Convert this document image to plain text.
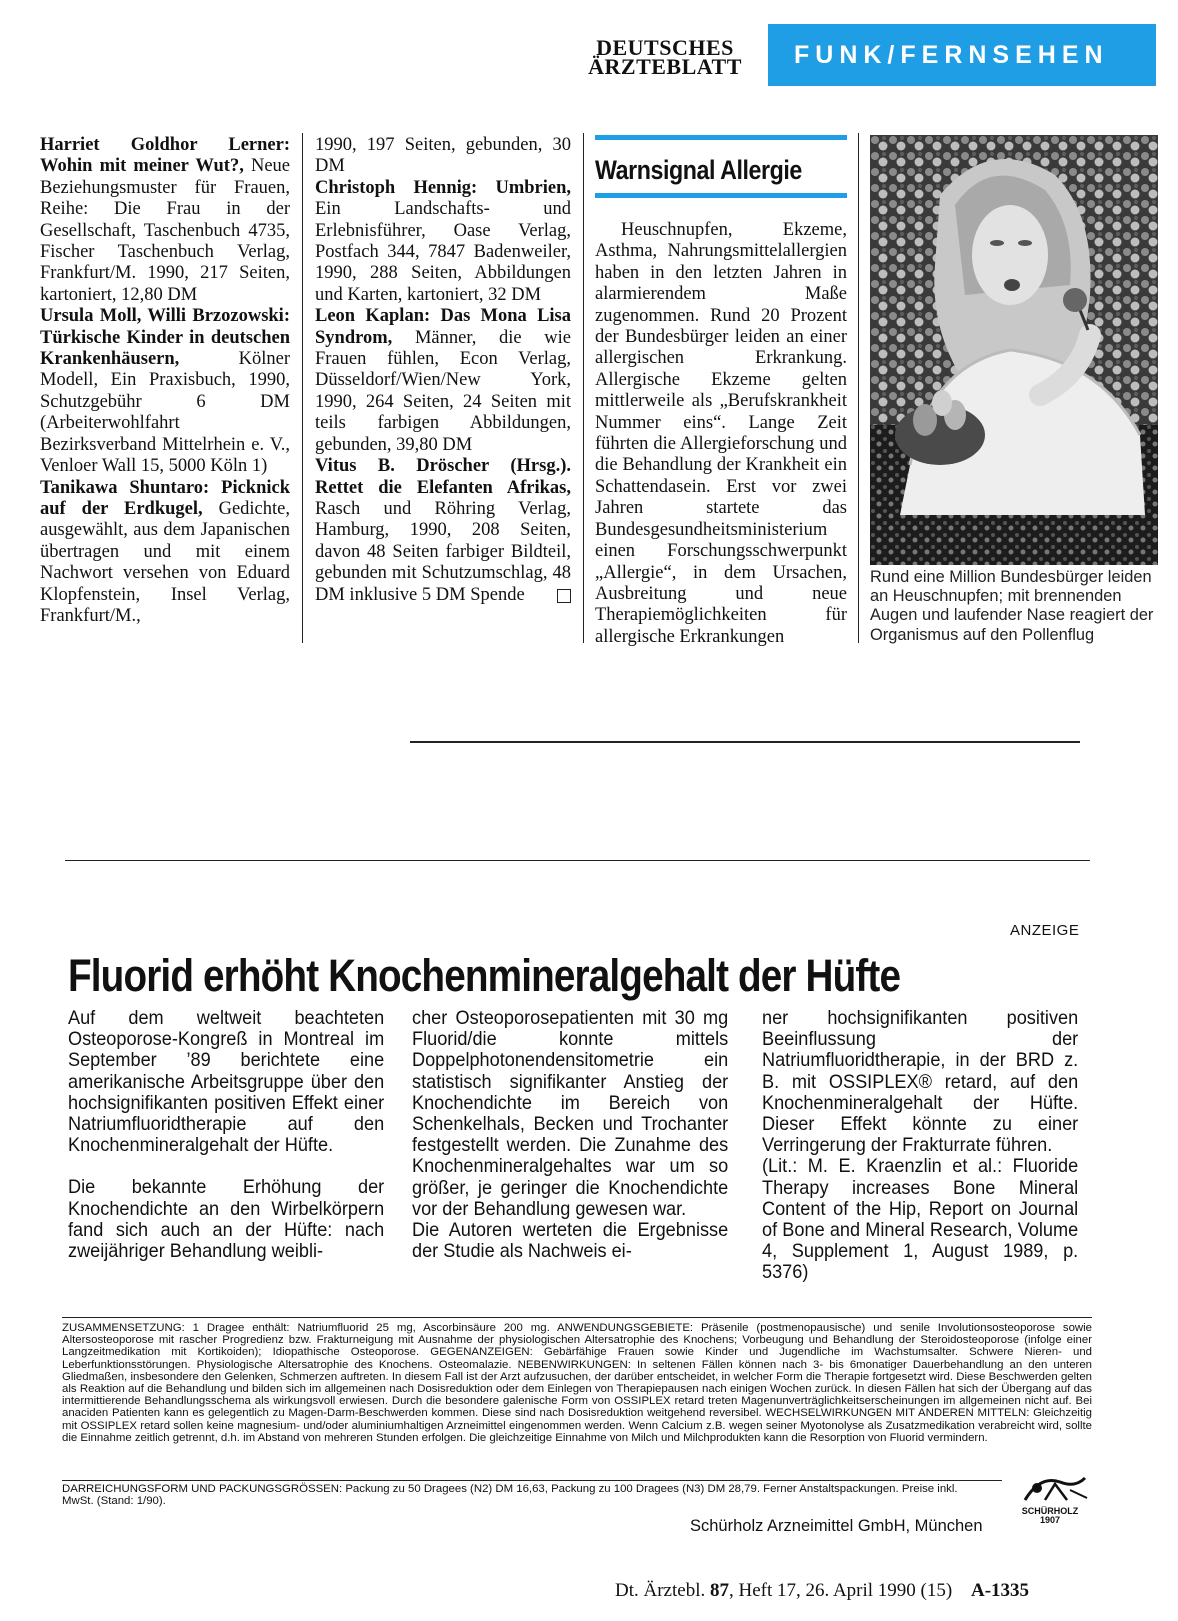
DEUTSCHES
ÄRZTEBLATT	FUNK/FERNSEHEN

Harriet Goldhor Lerner: Wohin mit meiner Wut?, Neue Beziehungsmuster für Frauen, Reihe: Die Frau in der Gesellschaft, Taschenbuch 4735, Fischer Taschenbuch Verlag, Frankfurt/M. 1990, 217 Seiten, kartoniert, 12,80 DM

Ursula Moll, Willi Brzozowski: Türkische Kinder in deutschen Krankenhäusern, Kölner Modell, Ein Praxisbuch, 1990, Schutzgebühr 6 DM (Arbeiterwohlfahrt Bezirksverband Mittelrhein e. V., Venloer Wall 15, 5000 Köln 1)

Tanikawa Shuntaro: Picknick auf der Erdkugel, Gedichte, ausgewählt, aus dem Japanischen übertragen und mit einem Nachwort versehen von Eduard Klopfenstein, Insel Verlag, Frankfurt/M.,

1990, 197 Seiten, gebunden, 30 DM

Christoph Hennig: Umbrien, Ein Landschafts- und Erlebnisführer, Oase Verlag, Postfach 344, 7847 Badenweiler, 1990, 288 Seiten, Abbildungen und Karten, kartoniert, 32 DM

Leon Kaplan: Das Mona Lisa Syndrom, Männer, die wie Frauen fühlen, Econ Verlag, Düsseldorf/Wien/New York, 1990, 264 Seiten, 24 Seiten mit teils farbigen Abbildungen, gebunden, 39,80 DM

Vitus B. Dröscher (Hrsg.). Rettet die Elefanten Afrikas, Rasch und Röhring Verlag, Hamburg, 1990, 208 Seiten, davon 48 Seiten farbiger Bildteil, gebunden mit Schutzumschlag, 48 DM inklusive 5 DM Spende

Warnsignal Allergie

Heuschnupfen, Ekzeme, Asthma, Nahrungsmittelallergien haben in den letzten Jahren in alarmierendem Maße zugenommen. Rund 20 Prozent der Bundesbürger leiden an einer allergischen Erkrankung. Allergische Ekzeme gelten mittlerweile als „Berufskrankheit Nummer eins“. Lange Zeit führten die Allergieforschung und die Behandlung der Krankheit ein Schattendasein. Erst vor zwei Jahren startete das Bundesgesundheitsministerium einen Forschungsschwerpunkt „Allergie“, in dem Ursachen, Ausbreitung und neue Therapiemöglichkeiten für allergische Erkrankungen

Rund eine Million Bundesbürger leiden an Heuschnupfen; mit brennenden Augen und laufender Nase reagiert der Organismus auf den Pollenflug
ANZEIGE
Fluorid erhöht Knochenmineralgehalt der Hüfte

Auf dem weltweit beachteten Osteoporose-Kongreß in Montreal im September ’89 berichtete eine amerikanische Arbeitsgruppe über den hochsignifikanten positiven Effekt einer Natriumfluoridtherapie auf den Knochenmineralgehalt der Hüfte.

Die bekannte Erhöhung der Knochendichte an den Wirbelkörpern fand sich auch an der Hüfte: nach zweijähriger Behandlung weibli-

cher Osteoporosepatienten mit 30 mg Fluorid/die konnte mittels Doppelphotonendensitometrie ein statistisch signifikanter Anstieg der Knochendichte im Bereich von Schenkelhals, Becken und Trochanter festgestellt werden. Die Zunahme des Knochenmineralgehaltes war um so größer, je geringer die Knochendichte vor der Behandlung gewesen war.

Die Autoren werteten die Ergebnisse der Studie als Nachweis ei-

ner hochsignifikanten positiven Beeinflussung der Natriumfluoridtherapie, in der BRD z. B. mit OSSIPLEX® retard, auf den Knochenmineralgehalt der Hüfte. Dieser Effekt könnte zu einer Verringerung der Frakturrate führen.

(Lit.: M. E. Kraenzlin et al.: Fluoride Therapy increases Bone Mineral Content of the Hip, Report on Journal of Bone and Mineral Research, Volume 4, Supplement 1, August 1989, p. 5376)

ZUSAMMENSETZUNG: 1 Dragee enthält: Natriumfluorid 25 mg, Ascorbinsäure 200 mg. ANWENDUNGSGEBIETE: Präsenile (postmenopausische) und senile Involutionsosteoporose sowie Altersosteoporose mit rascher Progredienz bzw. Frakturneigung mit Ausnahme der physiologischen Altersatrophie des Knochens; Vorbeugung und Behandlung der Steroidosteoporose (infolge einer Langzeitmedikation mit Kortikoiden); Idiopathische Osteoporose. GEGENANZEIGEN: Gebärfähige Frauen sowie Kinder und Jugendliche im Wachstumsalter. Schwere Nieren- und Leberfunktionsstörungen. Physiologische Altersatrophie des Knochens. Osteomalazie. NEBENWIRKUNGEN: In seltenen Fällen können nach 3- bis 6monatiger Dauerbehandlung an den unteren Gliedmaßen, insbesondere den Gelenken, Schmerzen auftreten. In diesem Fall ist der Arzt aufzusuchen, der darüber entscheidet, in welcher Form die Therapie fortgesetzt wird. Diese Beschwerden gelten als Reaktion auf die Behandlung und bilden sich im allgemeinen nach Dosisreduktion oder dem Einlegen von Therapiepausen nach einigen Wochen zurück. In diesen Fällen hat sich der Übergang auf das intermittierende Behandlungsschema als wirkungsvoll erwiesen. Durch die besondere galenische Form von OSSIPLEX retard treten Magenunverträglichkeitserscheinungen im allgemeinen nicht auf. Bei anaciden Patienten kann es gelegentlich zu Magen-Darm-Beschwerden kommen. Diese sind nach Dosisreduktion weitgehend reversibel. WECHSELWIRKUNGEN MIT ANDEREN MITTELN: Gleichzeitig mit OSSIPLEX retard sollen keine magnesium- und/oder aluminiumhaltigen Arzneimittel eingenommen werden. Wenn Calcium z.B. wegen seiner Myotonolyse als Zusatzmedikation verabreicht wird, sollte die Einnahme zeitlich getrennt, d.h. im Abstand von mehreren Stunden erfolgen. Die gleichzeitige Einnahme von Milch und Milchprodukten kann die Resorption von Fluorid vermindern.
DARREICHUNGSFORM UND PACKUNGSGRÖSSEN: Packung zu 50 Dragees (N2) DM 16,63, Packung zu 100 Dragees (N3) DM 28,79. Ferner Anstaltspackungen. Preise inkl. MwSt. (Stand: 1/90).
Schürholz Arzneimittel GmbH, München
SCHÜRHOLZ
1907
Dt. Ärztebl. 87, Heft 17, 26. April 1990 (15) A-1335
